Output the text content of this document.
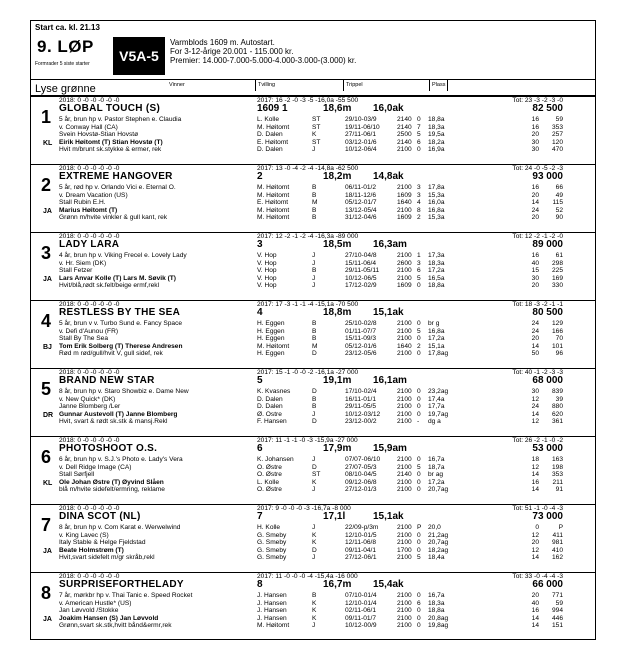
Start ca. kl. 21.13
9. LØP
Formrader 5 siste starter	V5A-5
Varmblods 1609 m. Autostart.
For 3-12-årige 20.001 - 115.000 kr.
Premier: 14.000-7.000-5.000-4.000-3.000-(3.000) kr.
Vinner	Tvilling	Trippel	Plass
Lyse grønne
2018: 0 -0 -0 -0 -0 -0
1
KL
GLOBAL TOUCH (S)
5 år, brun hp v. Pastor Stephen e. Claudia
v. Conway Hall (CA)
Svein Hovstø-Stian Hovstø
Eirik Høitomt (T) Stian Hovstø (T)
Hvit m/brunt sk.stykke & ermer, rek
2017: 16 -2 -0 -3 -5 -16,0a -55 500	Tot: 23 -3 -2 -3 -0
1609 1	18,6m 16,0ak	82 500
L. Kolle	ST	29/10-03/9	2140 0 18,8a	16	59
M. Høitomt	ST	19/11-06/10	2140 7 18,3a	16 353
D. Dalen	K	27/11-06/1	2500 5 19,5a	20 257
E. Høitomt	ST	03/12-01/6	2140 6 18,2a	30 120
D. Dalen	J	10/12-06/4	2100 0 16,9a	30 470
2018: 0 -0 -0 -0 -0 -0
2
JA
EXTREME HANGOVER
5 år, rød hp v. Orlando Vici e. Eternal O.
v. Dream Vacation (US)
Stall Rubin E.H.
Marius Høitomt (T)
Grønn m/hvite vinkler & gull kant, rek
2017: 13 -0 -4 -2 -4 -14,8a -62 500	Tot: 24 -0 -5 -2 -3
2	18,2m 14,8ak	93 000
M. Høitomt	B	06/11-01/2	2100 3 17,8a	16	66
M. Høitomt	B	18/11-12/6	1609 3 15,3a	20	49
E. Høitomt	M	05/12-01/7	1640 4 16,0a	14 115
M. Høitomt	B	13/12-05/4	2100 8 16,8a	24	52
M. Høitomt	B	31/12-04/6	1609 2 15,3a	20	90
2018: 0 -0 -0 -0 -0 -0
3
JA
LADY LARA
4 år, brun hp v. Viking Frecel e. Lovely Lady
v. Hr. Siem (DK)
Stall Fetzer
Lars Anvar Kolle (T) Lars M. Søvik (T)
Hvit/blå,rødt sk.felt/beige ermf,rekl
2017: 12 -2 -1 -2 -4 -16,3a -89 000	Tot: 12 -2 -1 -2 -0
3	18,5m 16,3am	89 000
V. Hop	J	27/10-04/8	2100 1 17,3a	16	61
V. Hop	J	15/11-06/4	2600 3 18,3a	40 298
V. Hop	B	29/11-05/11	2100 6 17,2a	15 225
V. Hop	J	10/12-06/5	2100 5 16,5a	30 169
V. Hop	J	17/12-02/9	1609 0 18,8a	20 330
2018: 0 -0 -0 -0 -0 -0
4
BJ
RESTLESS BY THE SEA
5 år, brun v v. Turbo Sund e. Fancy Space
v. Defi d'Aunou (FR)
Stall By The Sea
Tom Erik Solberg (T) Therese Andresen
Rød m rød/gull/hvit V, gull sidef, rek
2017: 17 -3 -1 -1 -4 -15,1a -70 500	Tot: 18 -3 -2 -1 -1
4	18,8m 15,1ak	80 500
H. Eggen	B	25/10-02/8	2100 0 br g	24 129
H. Eggen	B	01/11-07/7	2100 5 16,8a	24 166
H. Eggen	B	15/11-09/3	2100 0 17,2a	20	70
M. Høitomt	M	05/12-01/6	1640 2 15,1a	14 101
H. Eggen	D	23/12-05/6	2100 0 17,8ag	50	96
2018: 0 -0 -0 -0 -0 -0
5
DR
BRAND NEW STAR
8 år, brun hp v. Staro Showbiz e. Dame New
v. New Quick* (DK)
Janne Blomberg /Ler
Gunnar Austevoll (T) Janne Blomberg
Hvit, svart & rødt sk.stk & mansj.Rekl
2017: 15 -1 -0 -0 -2 -16,1a -27 000	Tot: 40 -1 -2 -3 -3
5	19,1m 16,1am	68 000
K. Kvasnes	D	17/10-02/4	2100 0 23,2ag	30 839
D. Dalen	B	16/11-01/1	2100 0 17,4a	12	39
D. Dalen	B	29/11-05/5	2100 0 17,7a	24 880
Ø. Ostre	J	10/12-03/12	2100 0 19,7ag	14 620
F. Hansen	D	23/12-00/2	2100 - dg a	12 361
2018: 0 -0 -0 -0 -0 -0
6
KL
PHOTOSHOOT O.S.
6 år, brun hp v. S.J.'s Photo e. Lady's Vera
v. Dell Ridge Image (CA)
Stall Sørfjell
Ole Johan Østre (T) Øyvind Slåen
blå m/hvite sidefelt/ermring, reklame
2017: 11 -1 -1 -0 -3 -15,9a -27 000	Tot: 26 -2 -1 -0 -2
6	17,9m 15,9am	53 000
K. Johansen	J	07/07-06/10	2100 0 16,7a	18 163
O. Østre	D	27/07-05/3	2100 5 18,7a	12 198
O. Østre	ST	08/10-04/5	2140 0 br ag	14 353
L. Kolle	K	09/12-06/8	2100 0 17,2a	16 211
O. Østre	J	27/12-01/3	2100 0 20,7ag	14	91
2018: 0 -0 -0 -0 -0 -0
7
JA
DINA SCOT (NL)
8 år, brun hp v. Com Karat e. Werwelwind
v. King Lavec (S)
Italy Stable & Helge Fjeldstad
Beate Holmstrøm (T)
Hvit,svart sidefelt m/gr skråb,rekl
2017: 9 -0 -0 -0 -3 -16,7a -8 000	Tot: 51 -1 -0 -4 -3
7	17,1l	15,1ak	73 000
H. Kolle	J	22/09-p/3m	2100 P 20,0	0	P
G. Smeby	K	12/10-01/5	2100 0 21,2ag	12 411
G. Smeby	K	12/11-06/8	2100 0 20,7ag	20 981
G. Smeby	D	09/11-04/1	1700 0 18,2ag	12 410
G. Smeby	J	27/12-06/1	2100 5 18,4a	14 162
2018: 0 -0 -0 -0 -0 -0
8
JA
SURPRISEFORTHELADY
7 år, mørkbr hp v. Thai Tanic e. Speed Rocket
v. American Hustle* (US)
Jan Løvvold /Stokke
Joakim Hansen (S) Jan Løvvold
Grønn,svart sk.stk,hvitt bånd&ermr,rek
2017: 11 -0 -0 -0 -4 -15,4a -16 000	Tot: 33 -0 -4 -4 -3
8	16,7m 15,4ak	66 000
J. Hansen	B	07/10-01/4	2100 0 16,7a	20 771
J. Hansen	K	12/10-01/4	2100 6 18,3a	40	59
J. Hansen	K	02/11-06/1	2100 0 18,8a	16 994
J. Hansen	K	09/11-01/7	2100 0 20,8ag	14 446
M. Høitomt	J	10/12-00/9	2100 0 19,8ag	14 151
